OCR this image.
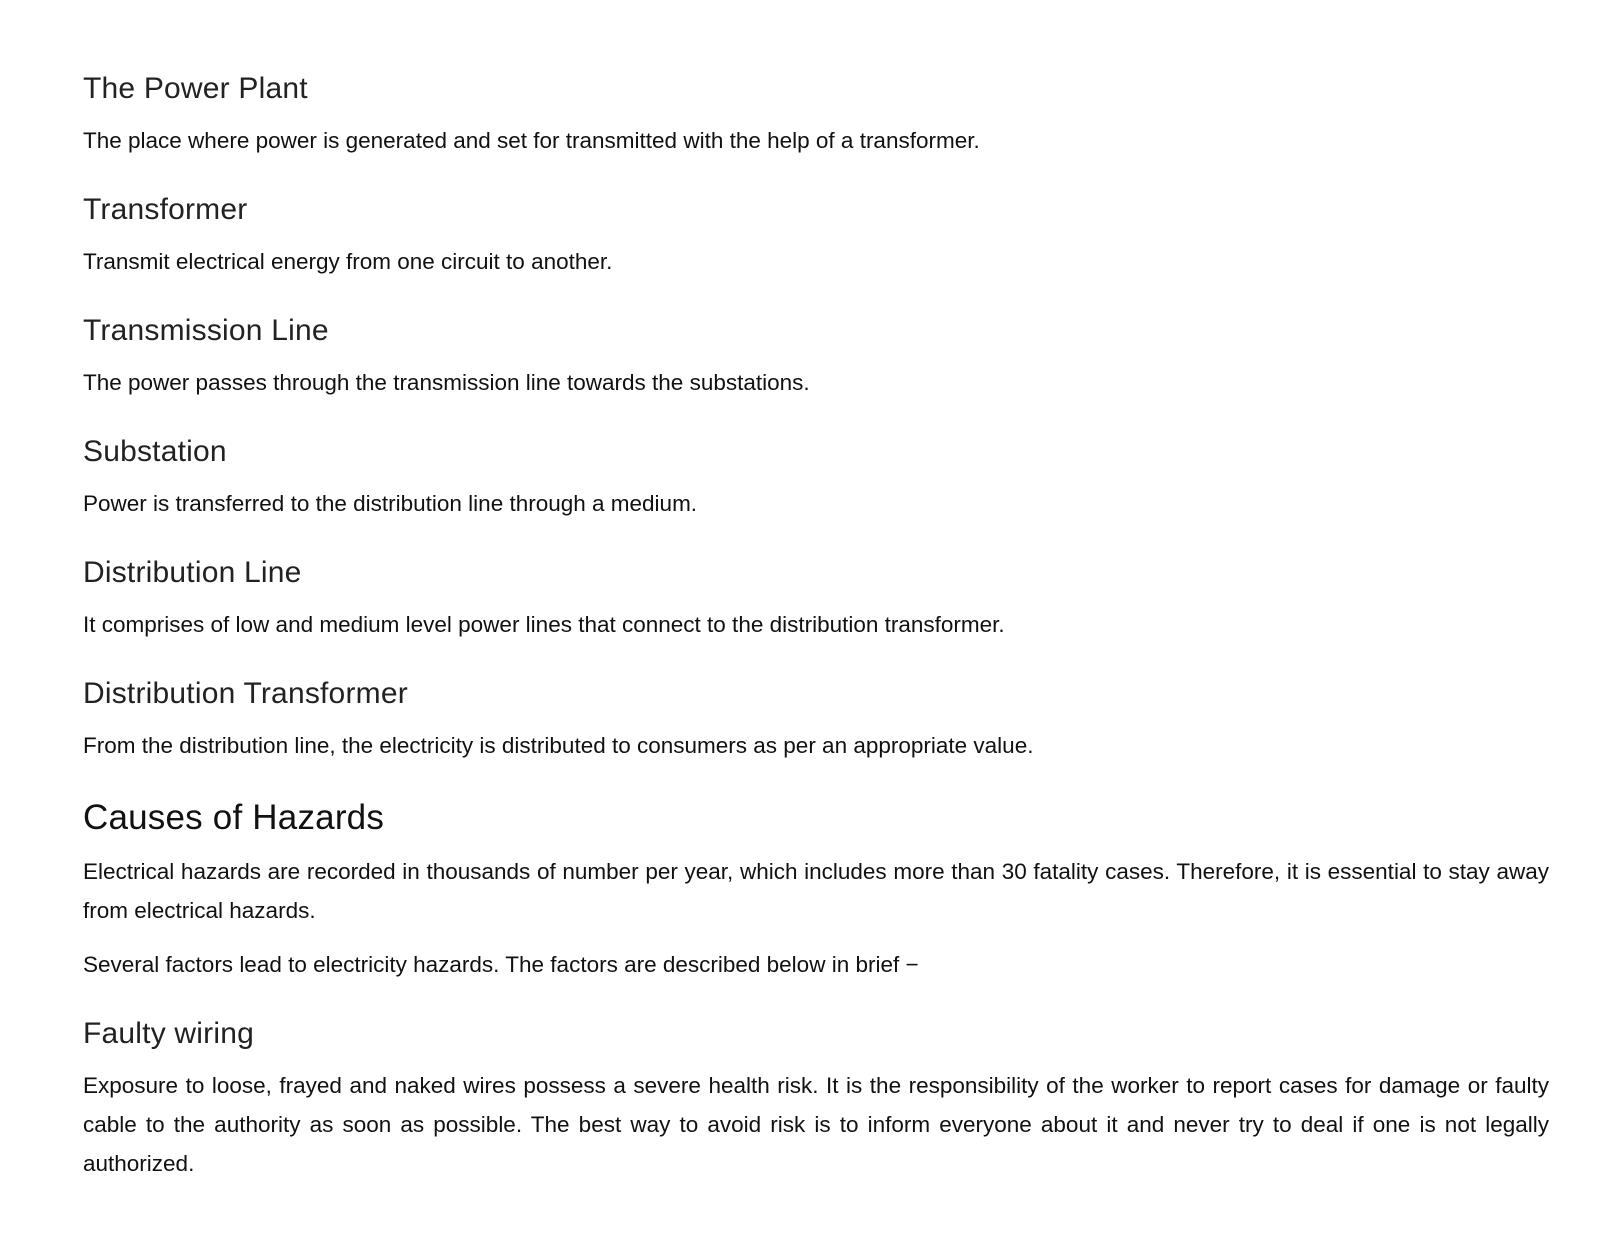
The Power Plant

The place where power is generated and set for transmitted with the help of a transformer.

Transformer

Transmit electrical energy from one circuit to another.

Transmission Line

The power passes through the transmission line towards the substations.

Substation

Power is transferred to the distribution line through a medium.

Distribution Line

It comprises of low and medium level power lines that connect to the distribution transformer.

Distribution Transformer

From the distribution line, the electricity is distributed to consumers as per an appropriate value.

Causes of Hazards

Electrical hazards are recorded in thousands of number per year, which includes more than 30 fatality cases. Therefore, it is essential to stay away from electrical hazards.

Several factors lead to electricity hazards. The factors are described below in brief −

Faulty wiring

Exposure to loose, frayed and naked wires possess a severe health risk. It is the responsibility of the worker to report cases for damage or faulty cable to the authority as soon as possible. The best way to avoid risk is to inform everyone about it and never try to deal if one is not legally authorized.
